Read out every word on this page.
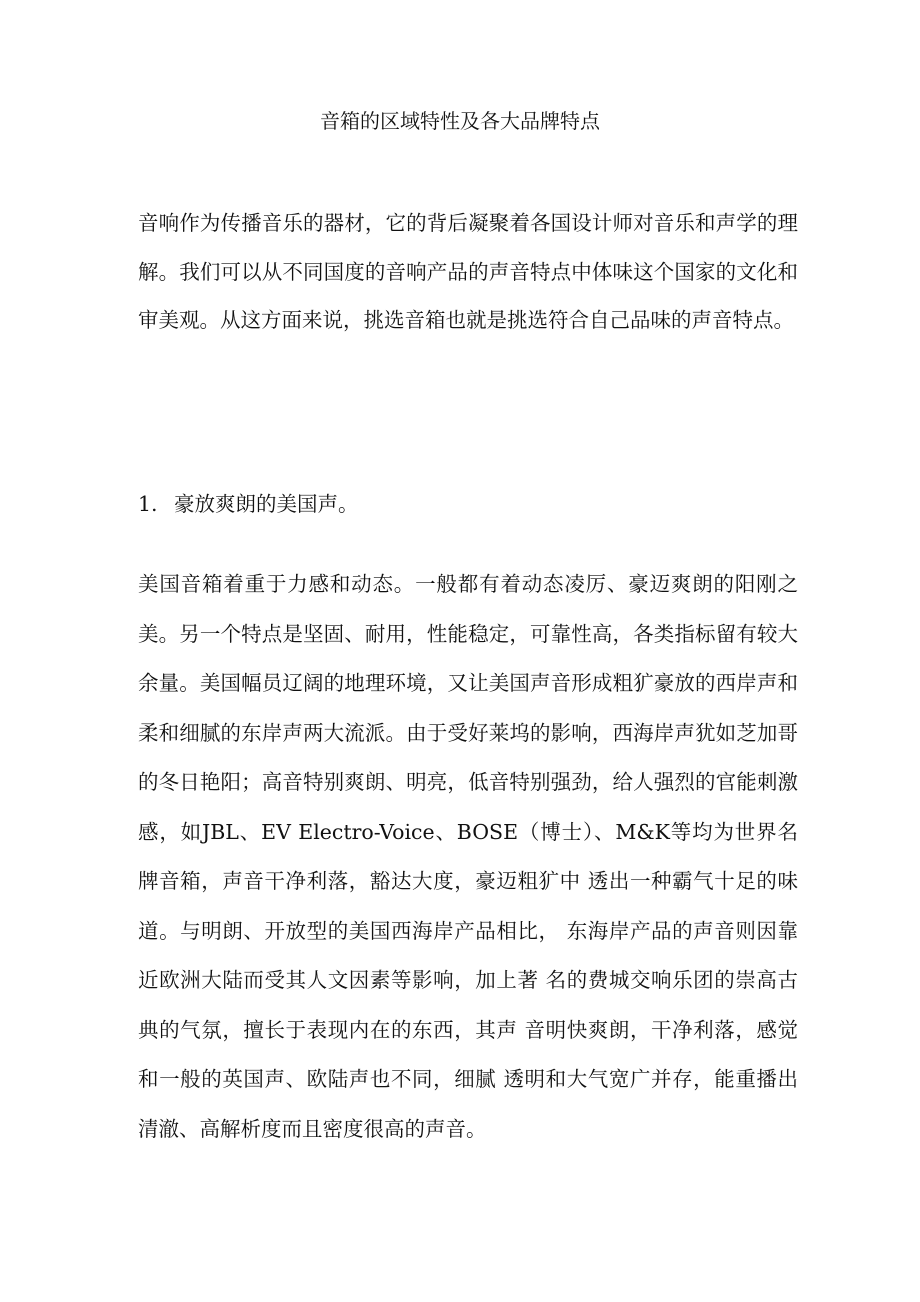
音箱的区域特性及各大品牌特点
音响作为传播音乐的器材，它的背后凝聚着各国设计师对音乐和声学的理解。我们可以从不同国度的音响产品的声音特点中体味这个国家的文化和审美观。从这方面来说，挑选音箱也就是挑选符合自己品味的声音特点。
1. 豪放爽朗的美国声。
美国音箱着重于力感和动态。一般都有着动态凌厉、豪迈爽朗的阳刚之美。另一个特点是坚固、耐用，性能稳定，可靠性高，各类指标留有较大余量。美国幅员辽阔的地理环境，又让美国声音形成粗犷豪放的西岸声和柔和细腻的东岸声两大流派。由于受好莱坞的影响，西海岸声犹如芝加哥的冬日艳阳；高音特别爽朗、明亮，低音特别强劲，给人强烈的官能刺激感，如JBL、EV Electro-Voice、BOSE（博士）、M&K等均为世界名牌音箱，声音干净利落，豁达大度，豪迈粗犷中 透出一种霸气十足的味道。与明朗、开放型的美国西海岸产品相比， 东海岸产品的声音则因靠近欧洲大陆而受其人文因素等影响，加上著 名的费城交响乐团的崇高古典的气氛，擅长于表现内在的东西，其声 音明快爽朗，干净利落，感觉和一般的英国声、欧陆声也不同，细腻 透明和大气宽广并存，能重播出清澈、高解析度而且密度很高的声音。
